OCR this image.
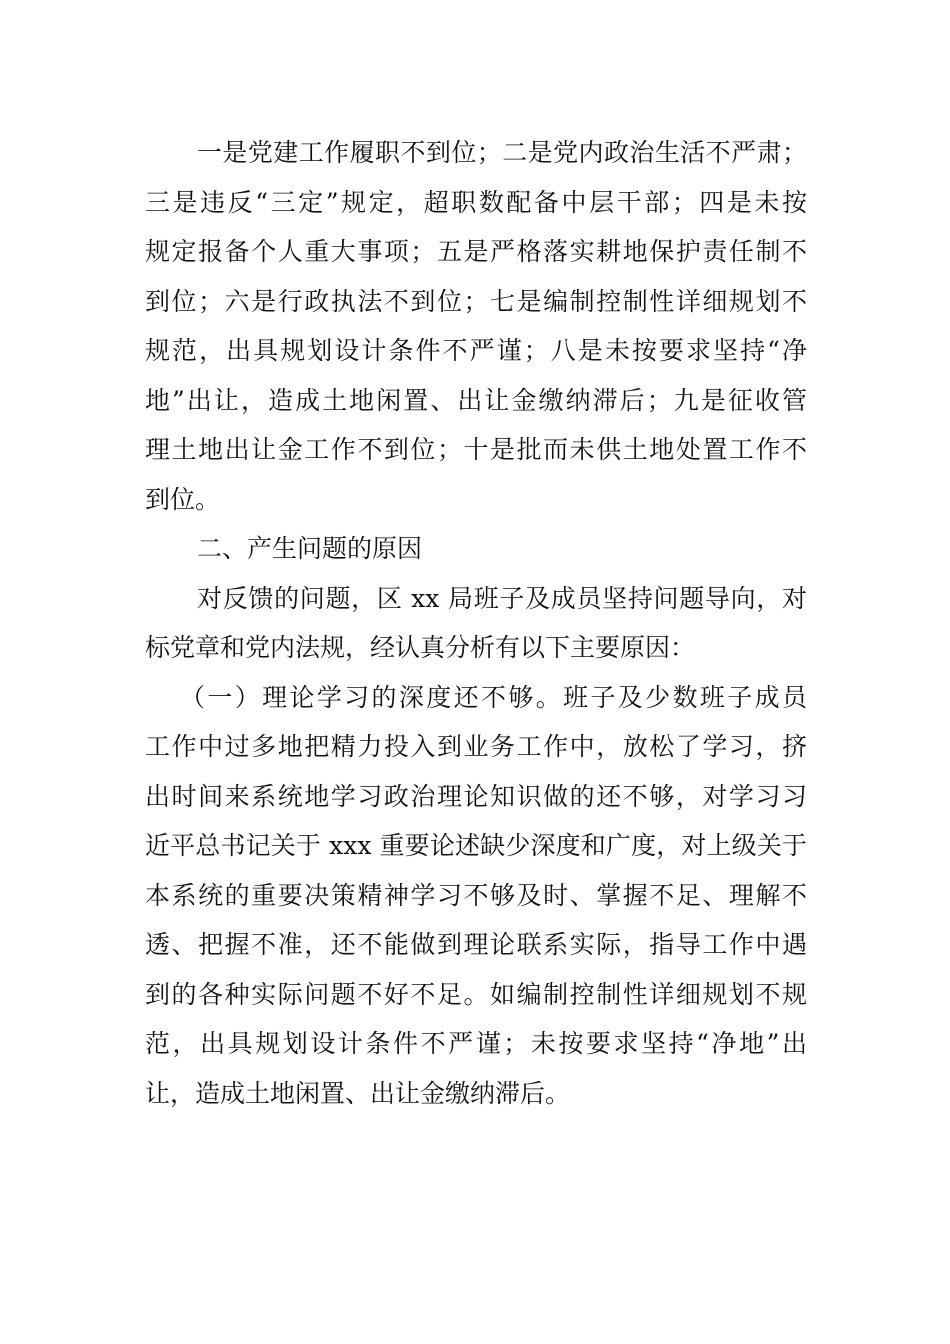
一是党建工作履职不到位；二是党内政治生活不严肃；
三是违反“三定”规定，超职数配备中层干部；四是未按
规定报备个人重大事项；五是严格落实耕地保护责任制不
到位；六是行政执法不到位；七是编制控制性详细规划不
规范，出具规划设计条件不严谨；八是未按要求坚持“净
地”出让，造成土地闲置、出让金缴纳滞后；九是征收管
理土地出让金工作不到位；十是批而未供土地处置工作不
到位。

二、产生问题的原因

对反馈的问题，区 xx 局班子及成员坚持问题导向，对
标党章和党内法规，经认真分析有以下主要原因：

（一）理论学习的深度还不够。班子及少数班子成员
工作中过多地把精力投入到业务工作中，放松了学习，挤
出时间来系统地学习政治理论知识做的还不够，对学习习
近平总书记关于 xxx 重要论述缺少深度和广度，对上级关于
本系统的重要决策精神学习不够及时、掌握不足、理解不
透、把握不准，还不能做到理论联系实际，指导工作中遇
到的各种实际问题不好不足。如编制控制性详细规划不规
范，出具规划设计条件不严谨；未按要求坚持“净地”出
让，造成土地闲置、出让金缴纳滞后。
